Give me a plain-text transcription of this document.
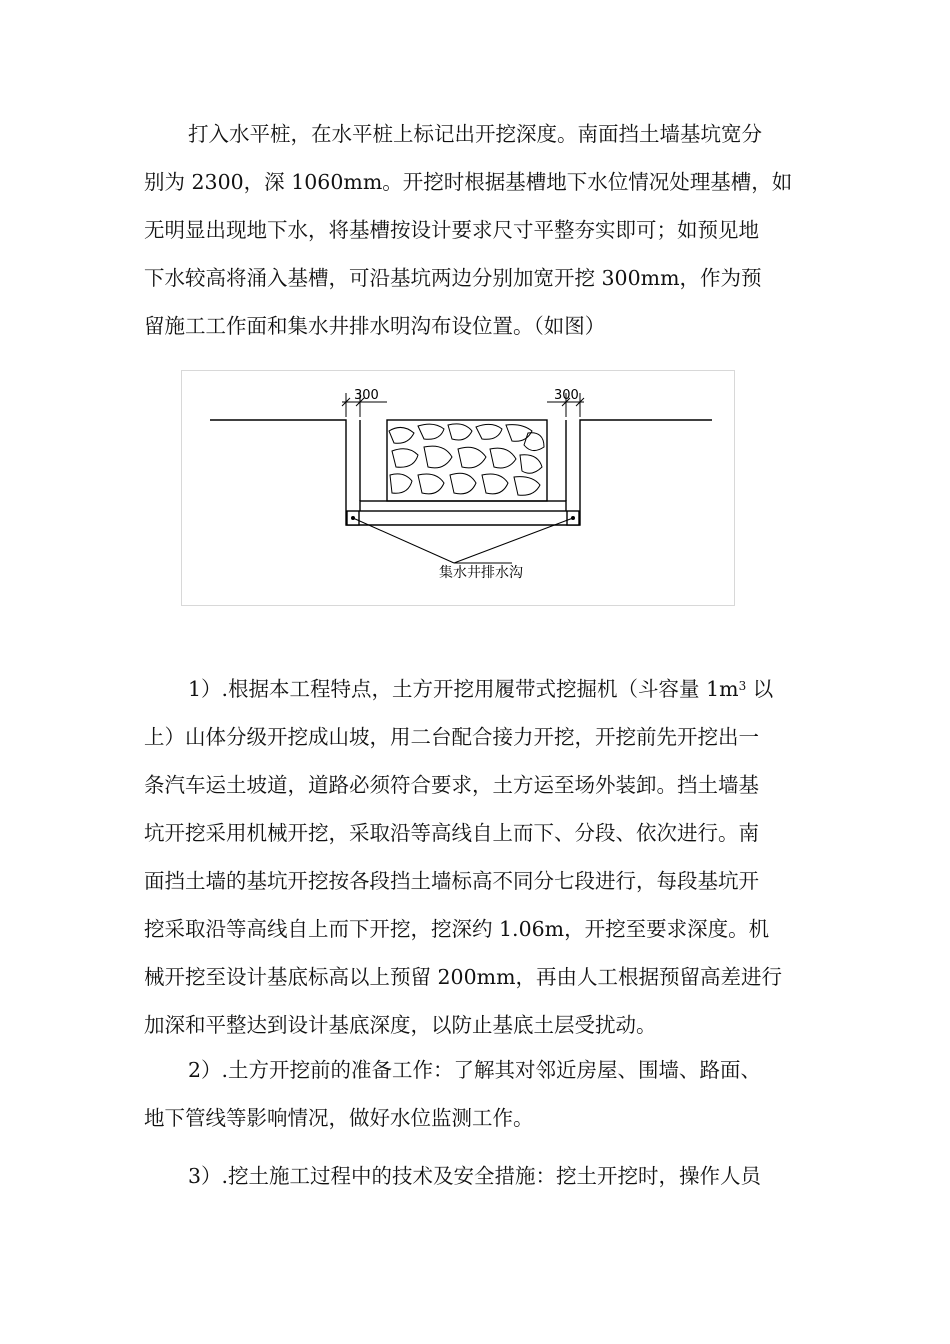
打入水平桩，在水平桩上标记出开挖深度。南面挡土墙基坑宽分
别为 2300，深 1060mm。开挖时根据基槽地下水位情况处理基槽，如
无明显出现地下水，将基槽按设计要求尺寸平整夯实即可；如预见地
下水较高将涌入基槽，可沿基坑两边分别加宽开挖 300mm，作为预
留施工工作面和集水井排水明沟布设位置。（如图）

300	300
集水井排水沟

1）.根据本工程特点，土方开挖用履带式挖掘机（斗容量 $1m^3$ 以
上）山体分级开挖成山坡，用二台配合接力开挖，开挖前先开挖出一
条汽车运土坡道，道路必须符合要求，土方运至场外装卸。挡土墙基
坑开挖采用机械开挖，采取沿等高线自上而下、分段、依次进行。南
面挡土墙的基坑开挖按各段挡土墙标高不同分七段进行，每段基坑开
挖采取沿等高线自上而下开挖，挖深约 1.06m，开挖至要求深度。机
械开挖至设计基底标高以上预留 200mm，再由人工根据预留高差进行
加深和平整达到设计基底深度，以防止基底土层受扰动。

2）.土方开挖前的准备工作：了解其对邻近房屋、围墙、路面、
地下管线等影响情况，做好水位监测工作。

3）.挖土施工过程中的技术及安全措施：挖土开挖时，操作人员
